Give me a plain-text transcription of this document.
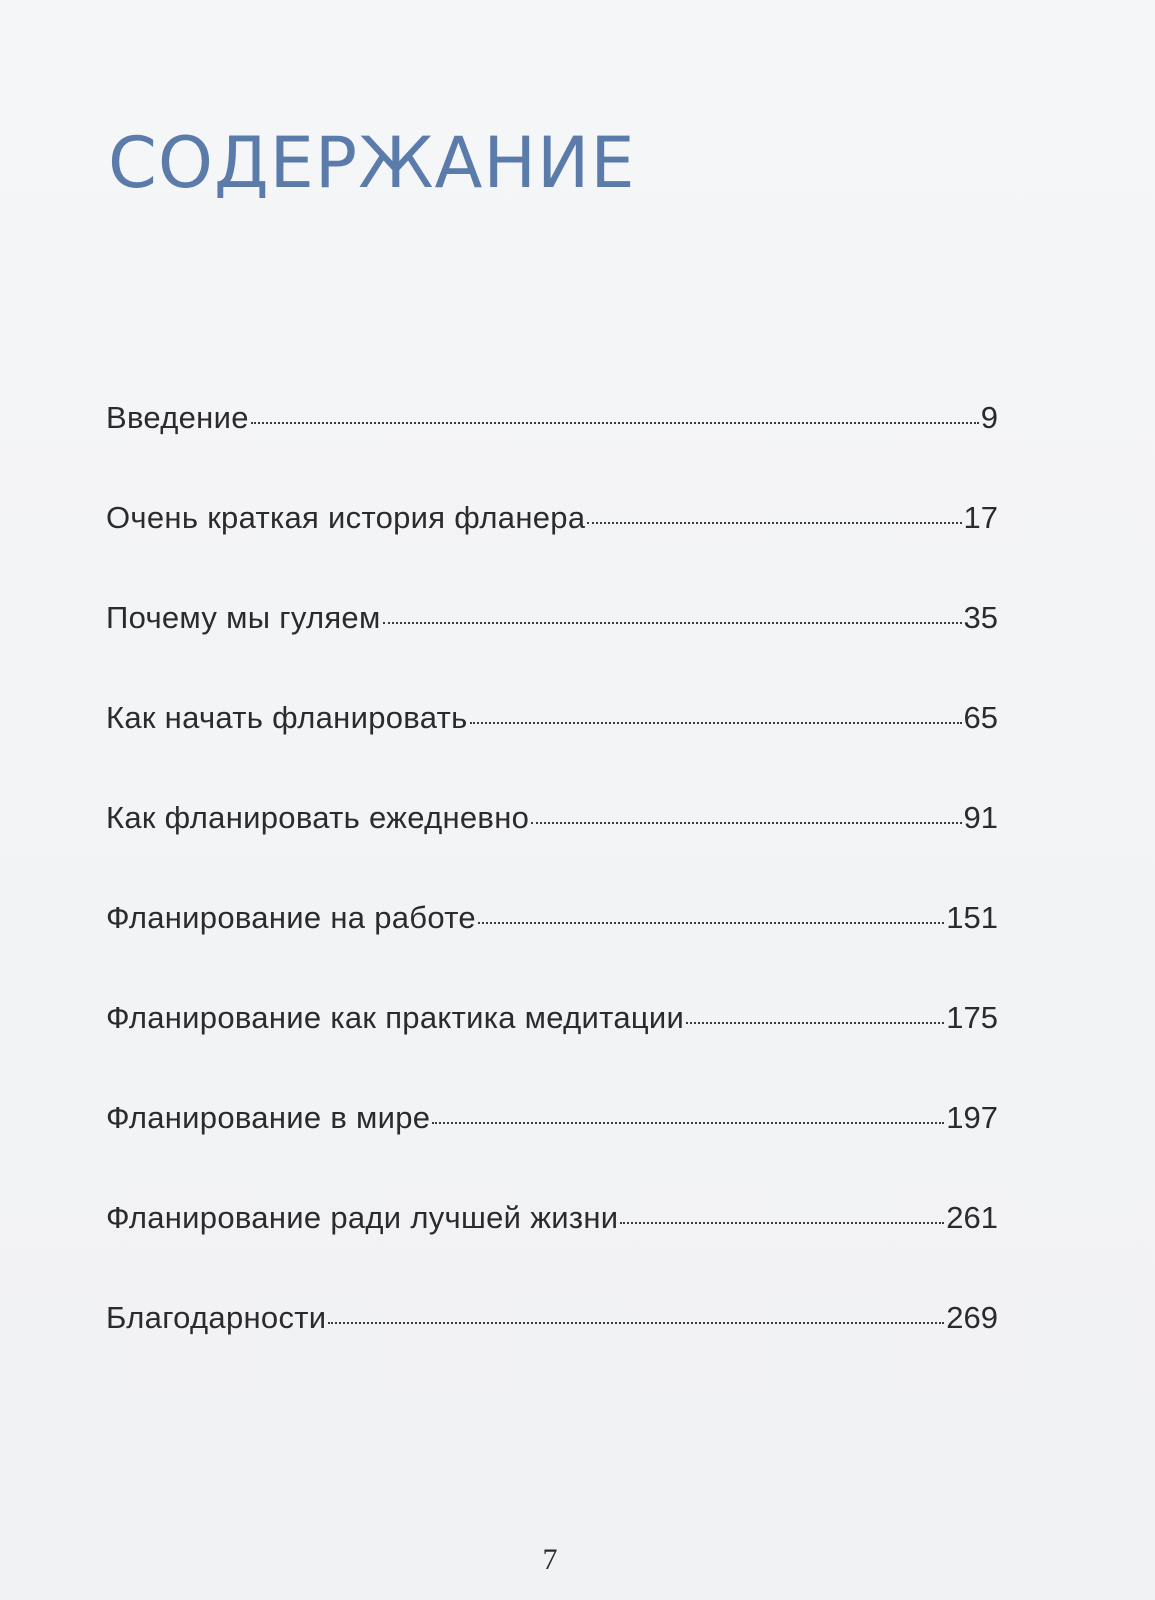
СОДЕРЖАНИЕ
Введение	9
Очень краткая история фланера	17
Почему мы гуляем	35
Как начать фланировать	65
Как фланировать ежедневно	91
Фланирование на работе	151
Фланирование как практика медитации	175
Фланирование в мире	197
Фланирование ради лучшей жизни	261
Благодарности	269
7
